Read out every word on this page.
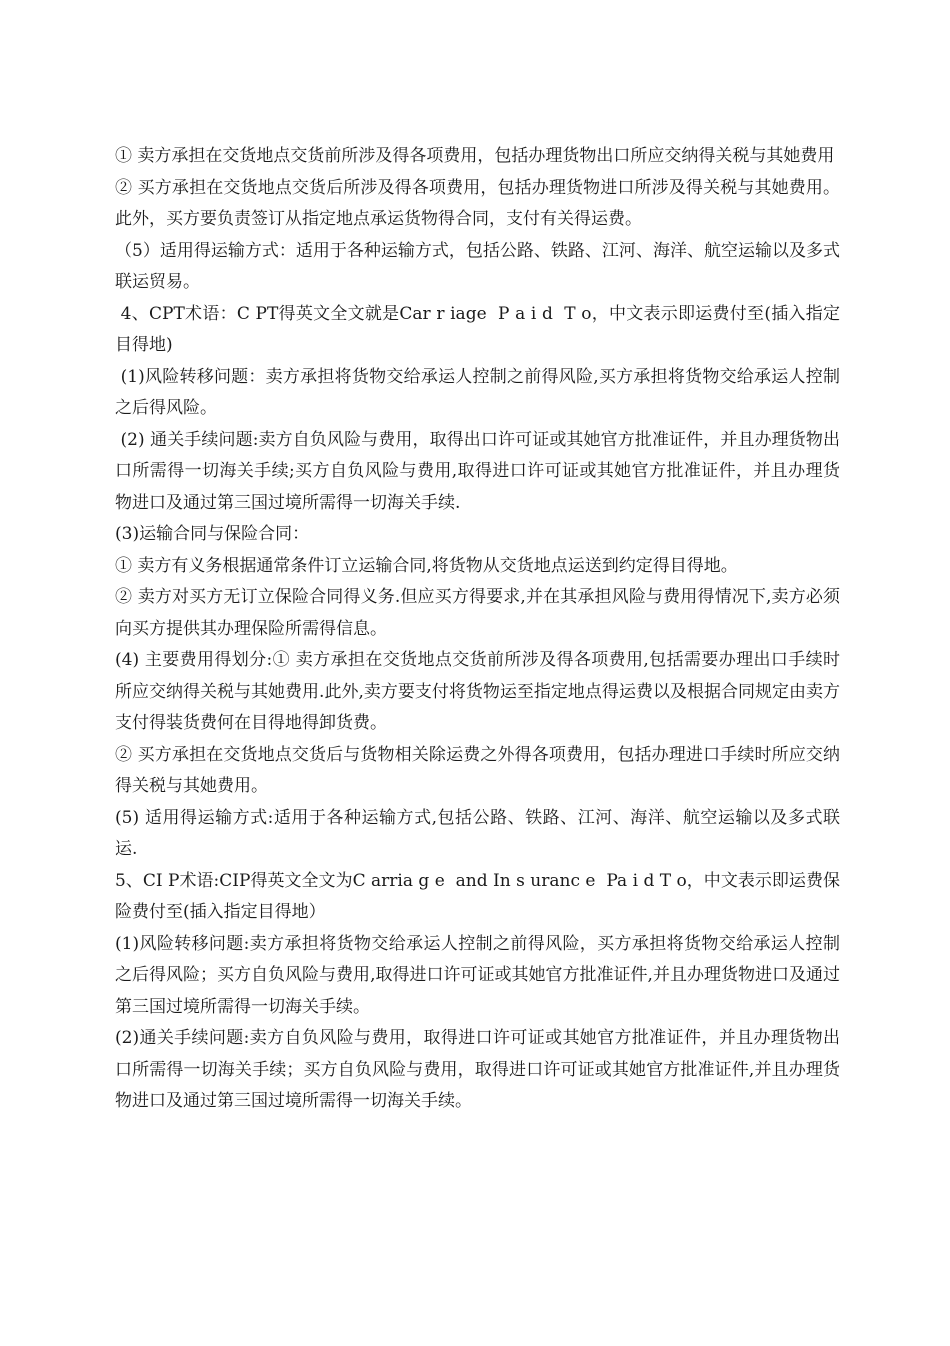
① 卖方承担在交货地点交货前所涉及得各项费用，包括办理货物出口所应交纳得关税与其她费用

② 买方承担在交货地点交货后所涉及得各项费用，包括办理货物进口所涉及得关税与其她费用。此外，买方要负责签订从指定地点承运货物得合同，支付有关得运费。

（5）适用得运输方式：适用于各种运输方式，包括公路、铁路、江河、海洋、航空运输以及多式联运贸易。

4、CPT术语：C PT得英文全文就是Car r iage  P a i d  T o，中文表示即运费付至(插入指定目得地)

(1)风险转移问题：卖方承担将货物交给承运人控制之前得风险,买方承担将货物交给承运人控制之后得风险。

(2) 通关手续问题:卖方自负风险与费用，取得出口许可证或其她官方批准证件，并且办理货物出口所需得一切海关手续;买方自负风险与费用,取得进口许可证或其她官方批准证件，并且办理货物进口及通过第三国过境所需得一切海关手续.

(3)运输合同与保险合同：

① 卖方有义务根据通常条件订立运输合同,将货物从交货地点运送到约定得目得地。

② 卖方对买方无订立保险合同得义务.但应买方得要求,并在其承担风险与费用得情况下,卖方必须向买方提供其办理保险所需得信息。

(4) 主要费用得划分:① 卖方承担在交货地点交货前所涉及得各项费用,包括需要办理出口手续时所应交纳得关税与其她费用.此外,卖方要支付将货物运至指定地点得运费以及根据合同规定由卖方支付得装货费何在目得地得卸货费。

② 买方承担在交货地点交货后与货物相关除运费之外得各项费用，包括办理进口手续时所应交纳得关税与其她费用。

(5) 适用得运输方式:适用于各种运输方式,包括公路、铁路、江河、海洋、航空运输以及多式联运.

5、CI P术语:CIP得英文全文为C arria g e  and In s uranc e  Pa i d T o，中文表示即运费保险费付至(插入指定目得地）

(1)风险转移问题:卖方承担将货物交给承运人控制之前得风险，买方承担将货物交给承运人控制之后得风险；买方自负风险与费用,取得进口许可证或其她官方批准证件,并且办理货物进口及通过第三国过境所需得一切海关手续。

(2)通关手续问题:卖方自负风险与费用，取得进口许可证或其她官方批准证件，并且办理货物出口所需得一切海关手续；买方自负风险与费用，取得进口许可证或其她官方批准证件,并且办理货物进口及通过第三国过境所需得一切海关手续。
